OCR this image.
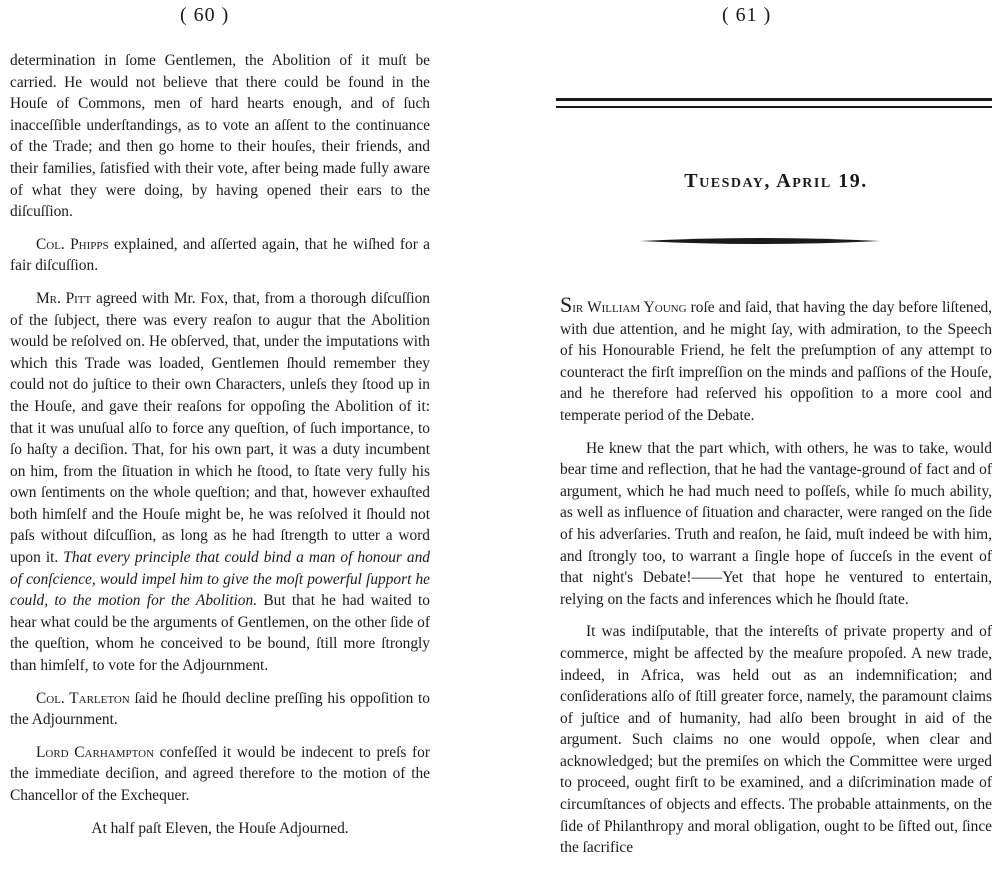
( 60 )

determination in ſome Gentlemen, the Abolition of it muſt be carried. He would not believe that there could be found in the Houſe of Commons, men of hard hearts enough, and of ſuch inacceſſible underſtandings, as to vote an aſſent to the continuance of the Trade; and then go home to their houſes, their friends, and their families, ſatisfied with their vote, after being made fully aware of what they were doing, by having opened their ears to the diſcuſſion.

Col. Phipps explained, and aſſerted again, that he wiſhed for a fair diſcuſſion.

Mr. Pitt agreed with Mr. Fox, that, from a thorough diſcuſſion of the ſubject, there was every reaſon to augur that the Abolition would be reſolved on. He obſerved, that, under the imputations with which this Trade was loaded, Gentlemen ſhould remember they could not do juſtice to their own Characters, unleſs they ſtood up in the Houſe, and gave their reaſons for oppoſing the Abolition of it: that it was unuſual alſo to force any queſtion, of ſuch importance, to ſo haſty a deciſion. That, for his own part, it was a duty incumbent on him, from the ſituation in which he ſtood, to ſtate very fully his own ſentiments on the whole queſtion; and that, however exhauſted both himſelf and the Houſe might be, he was reſolved it ſhould not paſs without diſcuſſion, as long as he had ſtrength to utter a word upon it. That every principle that could bind a man of honour and of conſcience, would impel him to give the moſt powerful ſupport he could, to the motion for the Abolition. But that he had waited to hear what could be the arguments of Gentlemen, on the other ſide of the queſtion, whom he conceived to be bound, ſtill more ſtrongly than himſelf, to vote for the Adjournment.

Col. Tarleton ſaid he ſhould decline preſſing his oppoſition to the Adjournment.

Lord Carhampton confeſſed it would be indecent to preſs for the immediate deciſion, and agreed therefore to the motion of the Chancellor of the Exchequer.

At half paſt Eleven, the Houſe Adjourned.

( 61 )
Tuesday, April 19.

Sir William Young roſe and ſaid, that having the day before liſtened, with due attention, and he might ſay, with admiration, to the Speech of his Honourable Friend, he felt the preſumption of any attempt to counteract the firſt impreſſion on the minds and paſſions of the Houſe, and he therefore had reſerved his oppoſition to a more cool and temperate period of the Debate.

He knew that the part which, with others, he was to take, would bear time and reflection, that he had the vantage-ground of fact and of argument, which he had much need to poſſeſs, while ſo much ability, as well as influence of ſituation and character, were ranged on the ſide of his adverſaries. Truth and reaſon, he ſaid, muſt indeed be with him, and ſtrongly too, to warrant a ſingle hope of ſucceſs in the event of that night's Debate!——Yet that hope he ventured to entertain, relying on the facts and inferences which he ſhould ſtate.

It was indiſputable, that the intereſts of private property and of commerce, might be affected by the meaſure propoſed. A new trade, indeed, in Africa, was held out as an indemnification; and conſiderations alſo of ſtill greater force, namely, the paramount claims of juſtice and of humanity, had alſo been brought in aid of the argument. Such claims no one would oppoſe, when clear and acknowledged; but the premiſes on which the Committee were urged to proceed, ought firſt to be examined, and a diſcrimination made of circumſtances of objects and effects. The probable attainments, on the ſide of Philanthropy and moral obligation, ought to be ſifted out, ſince the ſacrifice
